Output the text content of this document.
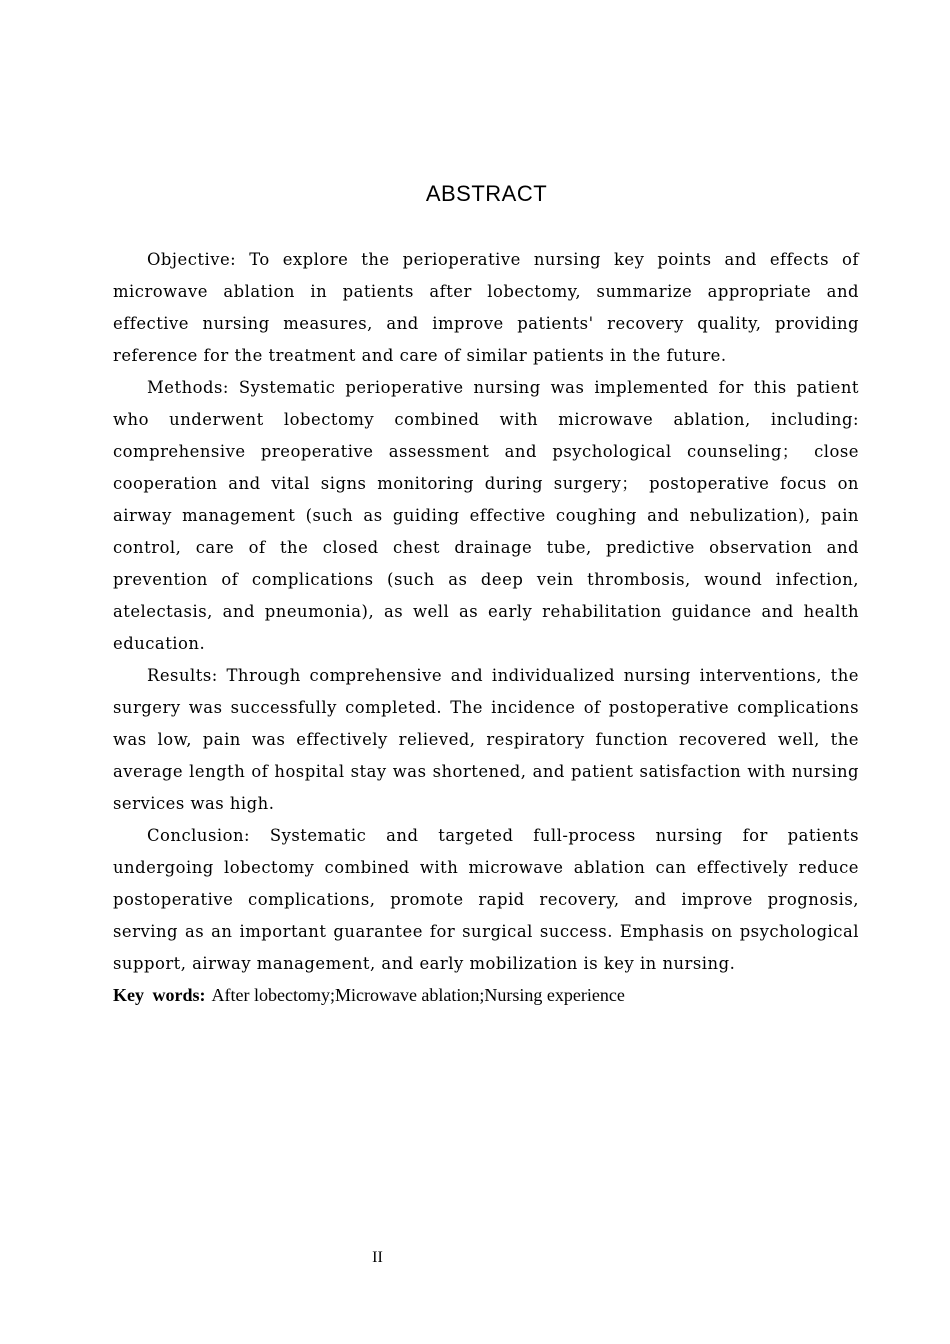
ABSTRACT

Objective: To explore the perioperative nursing key points and effects of microwave ablation in patients after lobectomy, summarize appropriate and effective nursing measures, and improve patients' recovery quality, providing reference for the treatment and care of similar patients in the future.

Methods: Systematic perioperative nursing was implemented for this patient who underwent lobectomy combined with microwave ablation, including: comprehensive preoperative assessment and psychological counseling； close cooperation and vital signs monitoring during surgery； postoperative focus on airway management (such as guiding effective coughing and nebulization), pain control, care of the closed chest drainage tube, predictive observation and prevention of complications (such as deep vein thrombosis, wound infection, atelectasis, and pneumonia), as well as early rehabilitation guidance and health education.

Results: Through comprehensive and individualized nursing interventions, the surgery was successfully completed. The incidence of postoperative complications was low, pain was effectively relieved, respiratory function recovered well, the average length of hospital stay was shortened, and patient satisfaction with nursing services was high.

Conclusion: Systematic and targeted full-process nursing for patients undergoing lobectomy combined with microwave ablation can effectively reduce postoperative complications, promote rapid recovery, and improve prognosis, serving as an important guarantee for surgical success. Emphasis on psychological support, airway management, and early mobilization is key in nursing.

Key words: After lobectomy;Microwave ablation;Nursing experience

II
